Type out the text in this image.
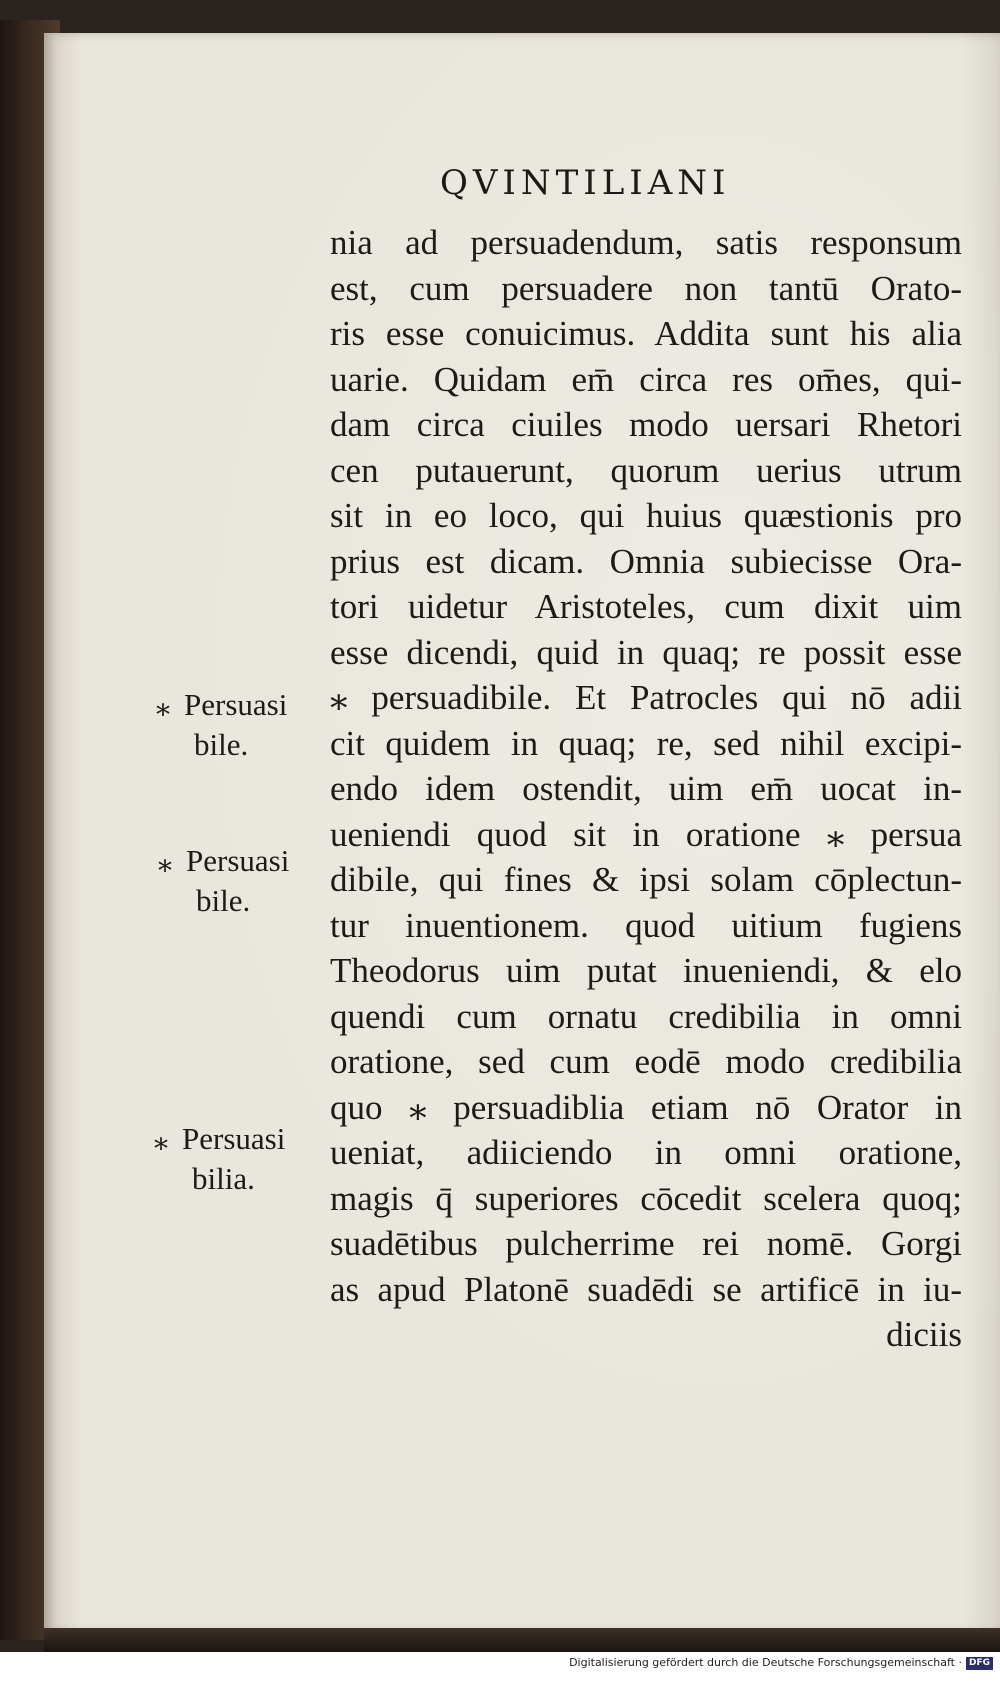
QVINTILIANI
nia ad persuadendum, satis responsum
est, cum persuadere non tantū Orato-
ris esse conuicimus. Addita sunt his alia
uarie. Quidam em̄ circa res om̄es, qui-
dam circa ciuiles modo uersari Rhetori
cen putauerunt, quorum uerius utrum
sit in eo loco, qui huius quæstionis pro
prius est dicam. Omnia subiecisse Ora-
tori uidetur Aristoteles, cum dixit uim
esse dicendi, quid in quaq; re possit esse
⁎ persuadibile. Et Patrocles qui nō adii
cit quidem in quaq; re, sed nihil excipi-
endo idem ostendit, uim em̄ uocat in-
ueniendi quod sit in oratione ⁎ persua
dibile, qui fines & ipsi solam cōplectun-
tur inuentionem. quod uitium fugiens
Theodorus uim putat inueniendi, & elo
quendi cum ornatu credibilia in omni
oratione, sed cum eodē modo credibilia
quo ⁎ persuadiblia etiam nō Orator in
ueniat, adiiciendo in omni oratione,
magis q̄ superiores cōcedit scelera quoq;
suadētibus pulcherrime rei nomē. Gorgi
as apud Platonē suadēdi se artificē in iu-
diciis
⁎ Persuasi
bile.
⁎ Persuasi
bile.
⁎ Persuasi
bilia.
Digitalisierung gefördert durch die Deutsche Forschungsgemeinschaft · DFG
